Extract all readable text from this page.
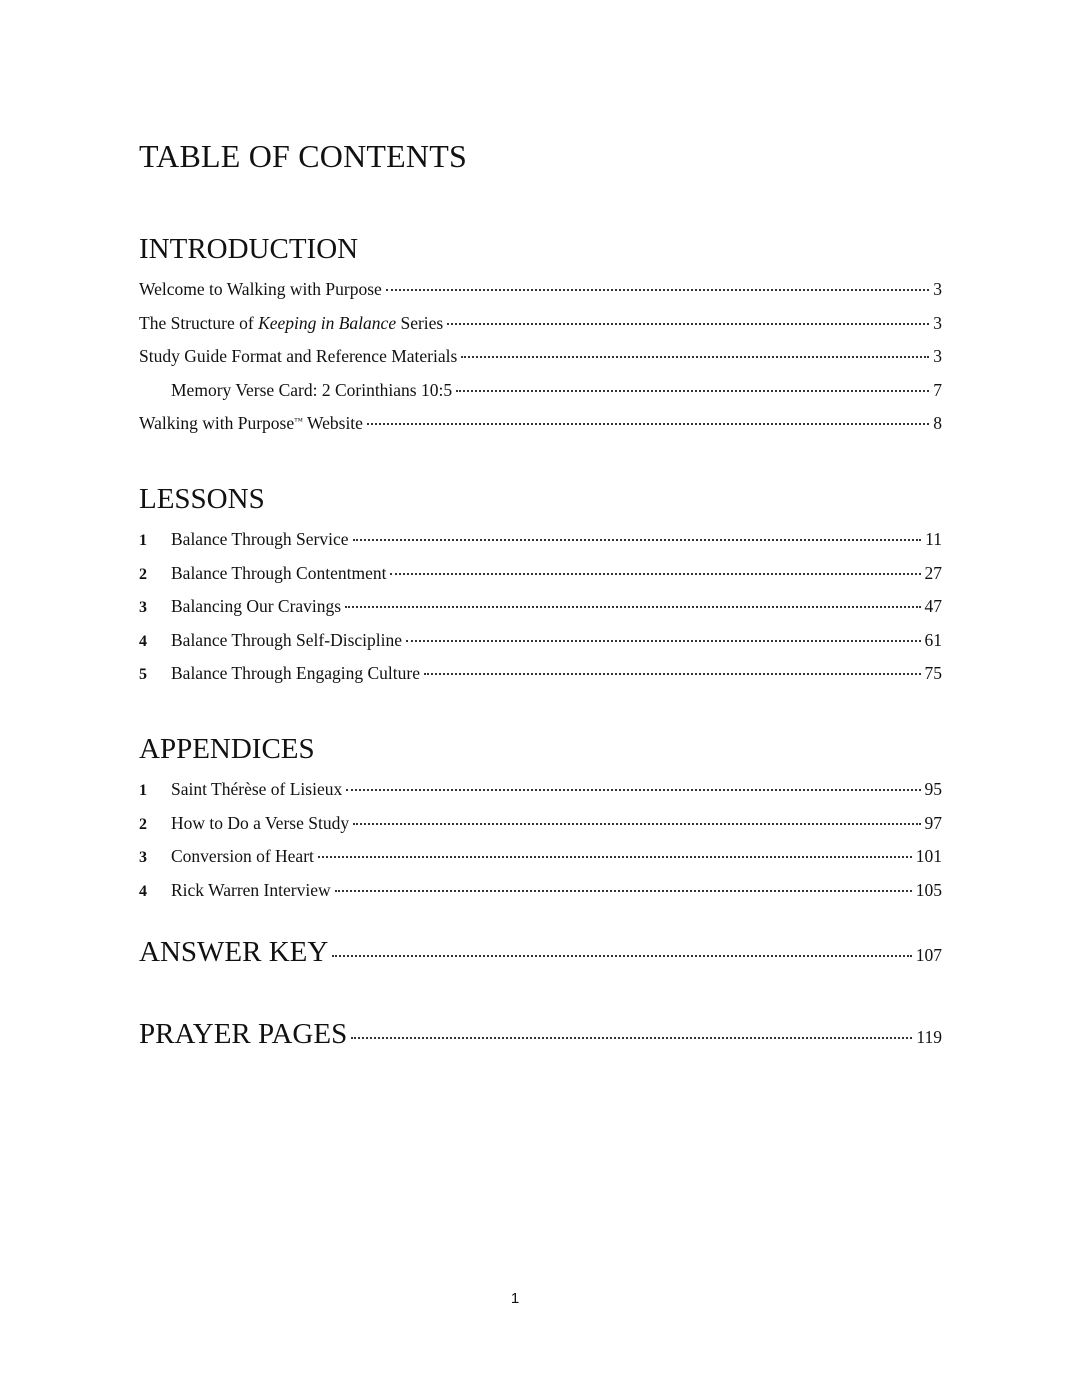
TABLE OF CONTENTS
INTRODUCTION
Welcome to Walking with Purpose	3
The Structure of Keeping in Balance Series	3
Study Guide Format and Reference Materials	3
Memory Verse Card: 2 Corinthians 10:5	7
Walking with Purpose™ Website	8
LESSONS
1	Balance Through Service	11
2	Balance Through Contentment	27
3	Balancing Our Cravings	47
4	Balance Through Self-Discipline	61
5	Balance Through Engaging Culture	75
APPENDICES
1	Saint Thérèse of Lisieux	95
2	How to Do a Verse Study	97
3	Conversion of Heart	101
4	Rick Warren Interview	105
ANSWER KEY	107
PRAYER PAGES	119
1
